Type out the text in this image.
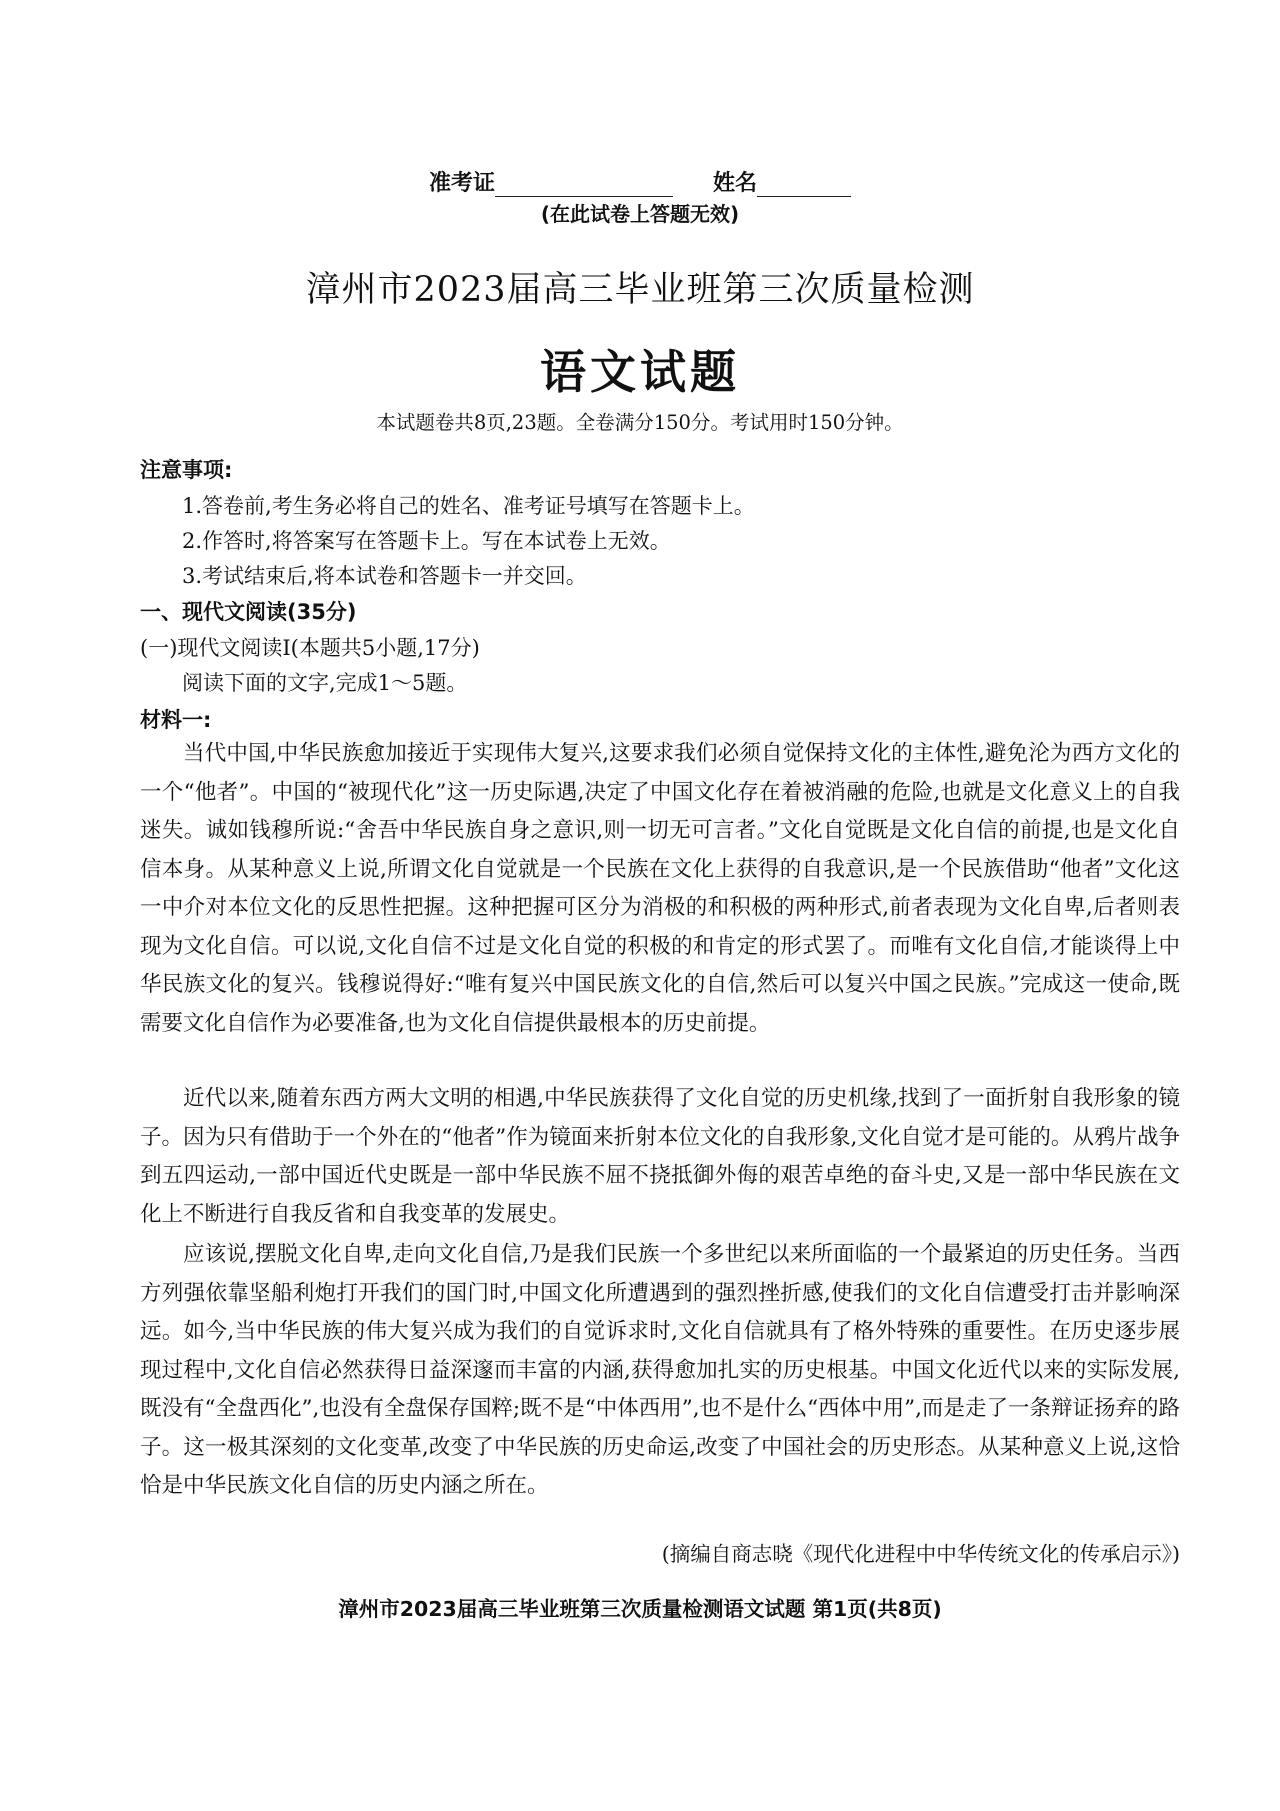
准考证	姓名
(在此试卷上答题无效)
漳州市2023届高三毕业班第三次质量检测
语文试题
本试题卷共8页,23题。全卷满分150分。考试用时150分钟。
注意事项:
1.答卷前,考生务必将自己的姓名、准考证号填写在答题卡上。
2.作答时,将答案写在答题卡上。写在本试卷上无效。
3.考试结束后,将本试卷和答题卡一并交回。
一、现代文阅读(35分)
(一)现代文阅读Ⅰ(本题共5小题,17分)
阅读下面的文字,完成1～5题。
材料一:

当代中国,中华民族愈加接近于实现伟大复兴,这要求我们必须自觉保持文化的主体性,避免沦为西方文化的一个“他者”。中国的“被现代化”这一历史际遇,决定了中国文化存在着被消融的危险,也就是文化意义上的自我迷失。诚如钱穆所说:“舍吾中华民族自身之意识,则一切无可言者。”文化自觉既是文化自信的前提,也是文化自信本身。从某种意义上说,所谓文化自觉就是一个民族在文化上获得的自我意识,是一个民族借助“他者”文化这一中介对本位文化的反思性把握。这种把握可区分为消极的和积极的两种形式,前者表现为文化自卑,后者则表现为文化自信。可以说,文化自信不过是文化自觉的积极的和肯定的形式罢了。而唯有文化自信,才能谈得上中华民族文化的复兴。钱穆说得好:“唯有复兴中国民族文化的自信,然后可以复兴中国之民族。”完成这一使命,既需要文化自信作为必要准备,也为文化自信提供最根本的历史前提。

近代以来,随着东西方两大文明的相遇,中华民族获得了文化自觉的历史机缘,找到了一面折射自我形象的镜子。因为只有借助于一个外在的“他者”作为镜面来折射本位文化的自我形象,文化自觉才是可能的。从鸦片战争到五四运动,一部中国近代史既是一部中华民族不屈不挠抵御外侮的艰苦卓绝的奋斗史,又是一部中华民族在文化上不断进行自我反省和自我变革的发展史。

应该说,摆脱文化自卑,走向文化自信,乃是我们民族一个多世纪以来所面临的一个最紧迫的历史任务。当西方列强依靠坚船利炮打开我们的国门时,中国文化所遭遇到的强烈挫折感,使我们的文化自信遭受打击并影响深远。如今,当中华民族的伟大复兴成为我们的自觉诉求时,文化自信就具有了格外特殊的重要性。在历史逐步展现过程中,文化自信必然获得日益深邃而丰富的内涵,获得愈加扎实的历史根基。中国文化近代以来的实际发展,既没有“全盘西化”,也没有全盘保存国粹;既不是“中体西用”,也不是什么“西体中用”,而是走了一条辩证扬弃的路子。这一极其深刻的文化变革,改变了中华民族的历史命运,改变了中国社会的历史形态。从某种意义上说,这恰恰是中华民族文化自信的历史内涵之所在。

(摘编自商志晓《现代化进程中中华传统文化的传承启示》)
漳州市2023届高三毕业班第三次质量检测语文试题 第1页(共8页)
